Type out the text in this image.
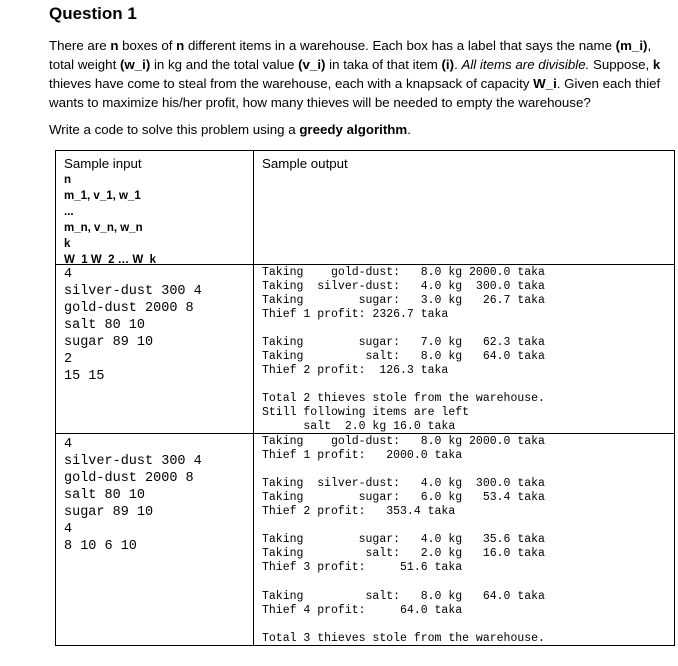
Question 1
There are n boxes of n different items in a warehouse. Each box has a label that says the name (m_i), total weight (w_i) in kg and the total value (v_i) in taka of that item (i). All items are divisible. Suppose, k thieves have come to steal from the warehouse, each with a knapsack of capacity W_i. Given each thief wants to maximize his/her profit, how many thieves will be needed to empty the warehouse?
Write a code to solve this problem using a greedy algorithm.
Sample input	Sample output
n
m_1, v_1, w_1
...
m_n, v_n, w_n
k
W_1 W_2 … W_k
4
silver-dust 300 4
gold-dust 2000 8
salt 80 10
sugar 89 10
2
15 15
Taking    gold-dust:   8.0 kg 2000.0 taka
Taking  silver-dust:   4.0 kg  300.0 taka
Taking        sugar:   3.0 kg   26.7 taka
Thief 1 profit: 2326.7 taka
Taking        sugar:   7.0 kg   62.3 taka
Taking         salt:   8.0 kg   64.0 taka
Thief 2 profit:  126.3 taka
Total 2 thieves stole from the warehouse.
Still following items are left
salt  2.0 kg 16.0 taka
4
silver-dust 300 4
gold-dust 2000 8
salt 80 10
sugar 89 10
4
8 10 6 10
Taking    gold-dust:   8.0 kg 2000.0 taka
Thief 1 profit:   2000.0 taka
Taking  silver-dust:   4.0 kg  300.0 taka
Taking        sugar:   6.0 kg   53.4 taka
Thief 2 profit:   353.4 taka
Taking        sugar:   4.0 kg   35.6 taka
Taking         salt:   2.0 kg   16.0 taka
Thief 3 profit:     51.6 taka
Taking         salt:   8.0 kg   64.0 taka
Thief 4 profit:     64.0 taka
Total 3 thieves stole from the warehouse.
